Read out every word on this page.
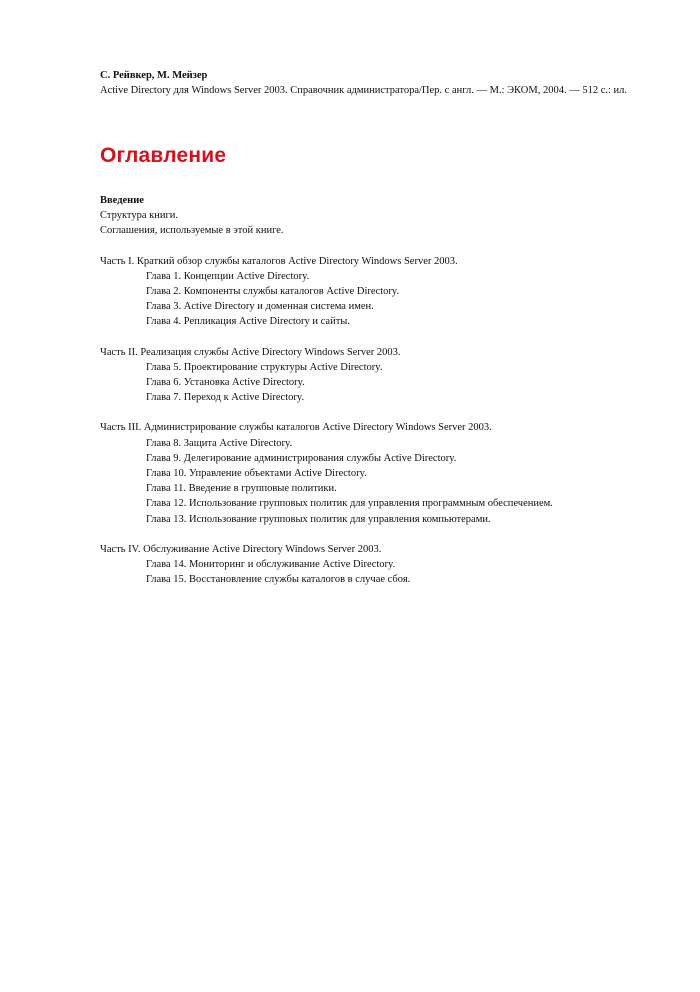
С. Рейвкер, М. Мейзер
Active Directory для Windows Server 2003. Справочник администратора/Пер. с англ. — М.: ЭКОМ, 2004. — 512 с.: ил.
Оглавление
Введение
Структура книги.
Соглашения, используемые в этой книге.
Часть I. Краткий обзор службы каталогов Active Directory Windows Server 2003.
Глава 1. Концепции Active Directory.
Глава 2. Компоненты службы каталогов Active Directory.
Глава 3. Active Directory и доменная система имен.
Глава 4. Репликация Active Directory и сайты.
Часть II. Реализация службы Active Directory Windows Server 2003.
Глава 5. Проектирование структуры Active Directory.
Глава 6. Установка Active Directory.
Глава 7. Переход к Active Directory.
Часть III. Администрирование службы каталогов Active Directory Windows Server 2003.
Глава 8. Защита Active Directory.
Глава 9. Делегирование администрирования службы Active Directory.
Глава 10. Управление объектами Active Directory.
Глава 11. Введение в групповые политики.
Глава 12. Использование групповых политик для управления программным обеспечением.
Глава 13. Использование групповых политик для управления компьютерами.
Часть IV. Обслуживание Active Directory Windows Server 2003.
Глава 14. Мониторинг и обслуживание Active Directory.
Глава 15. Восстановление службы каталогов в случае сбоя.
